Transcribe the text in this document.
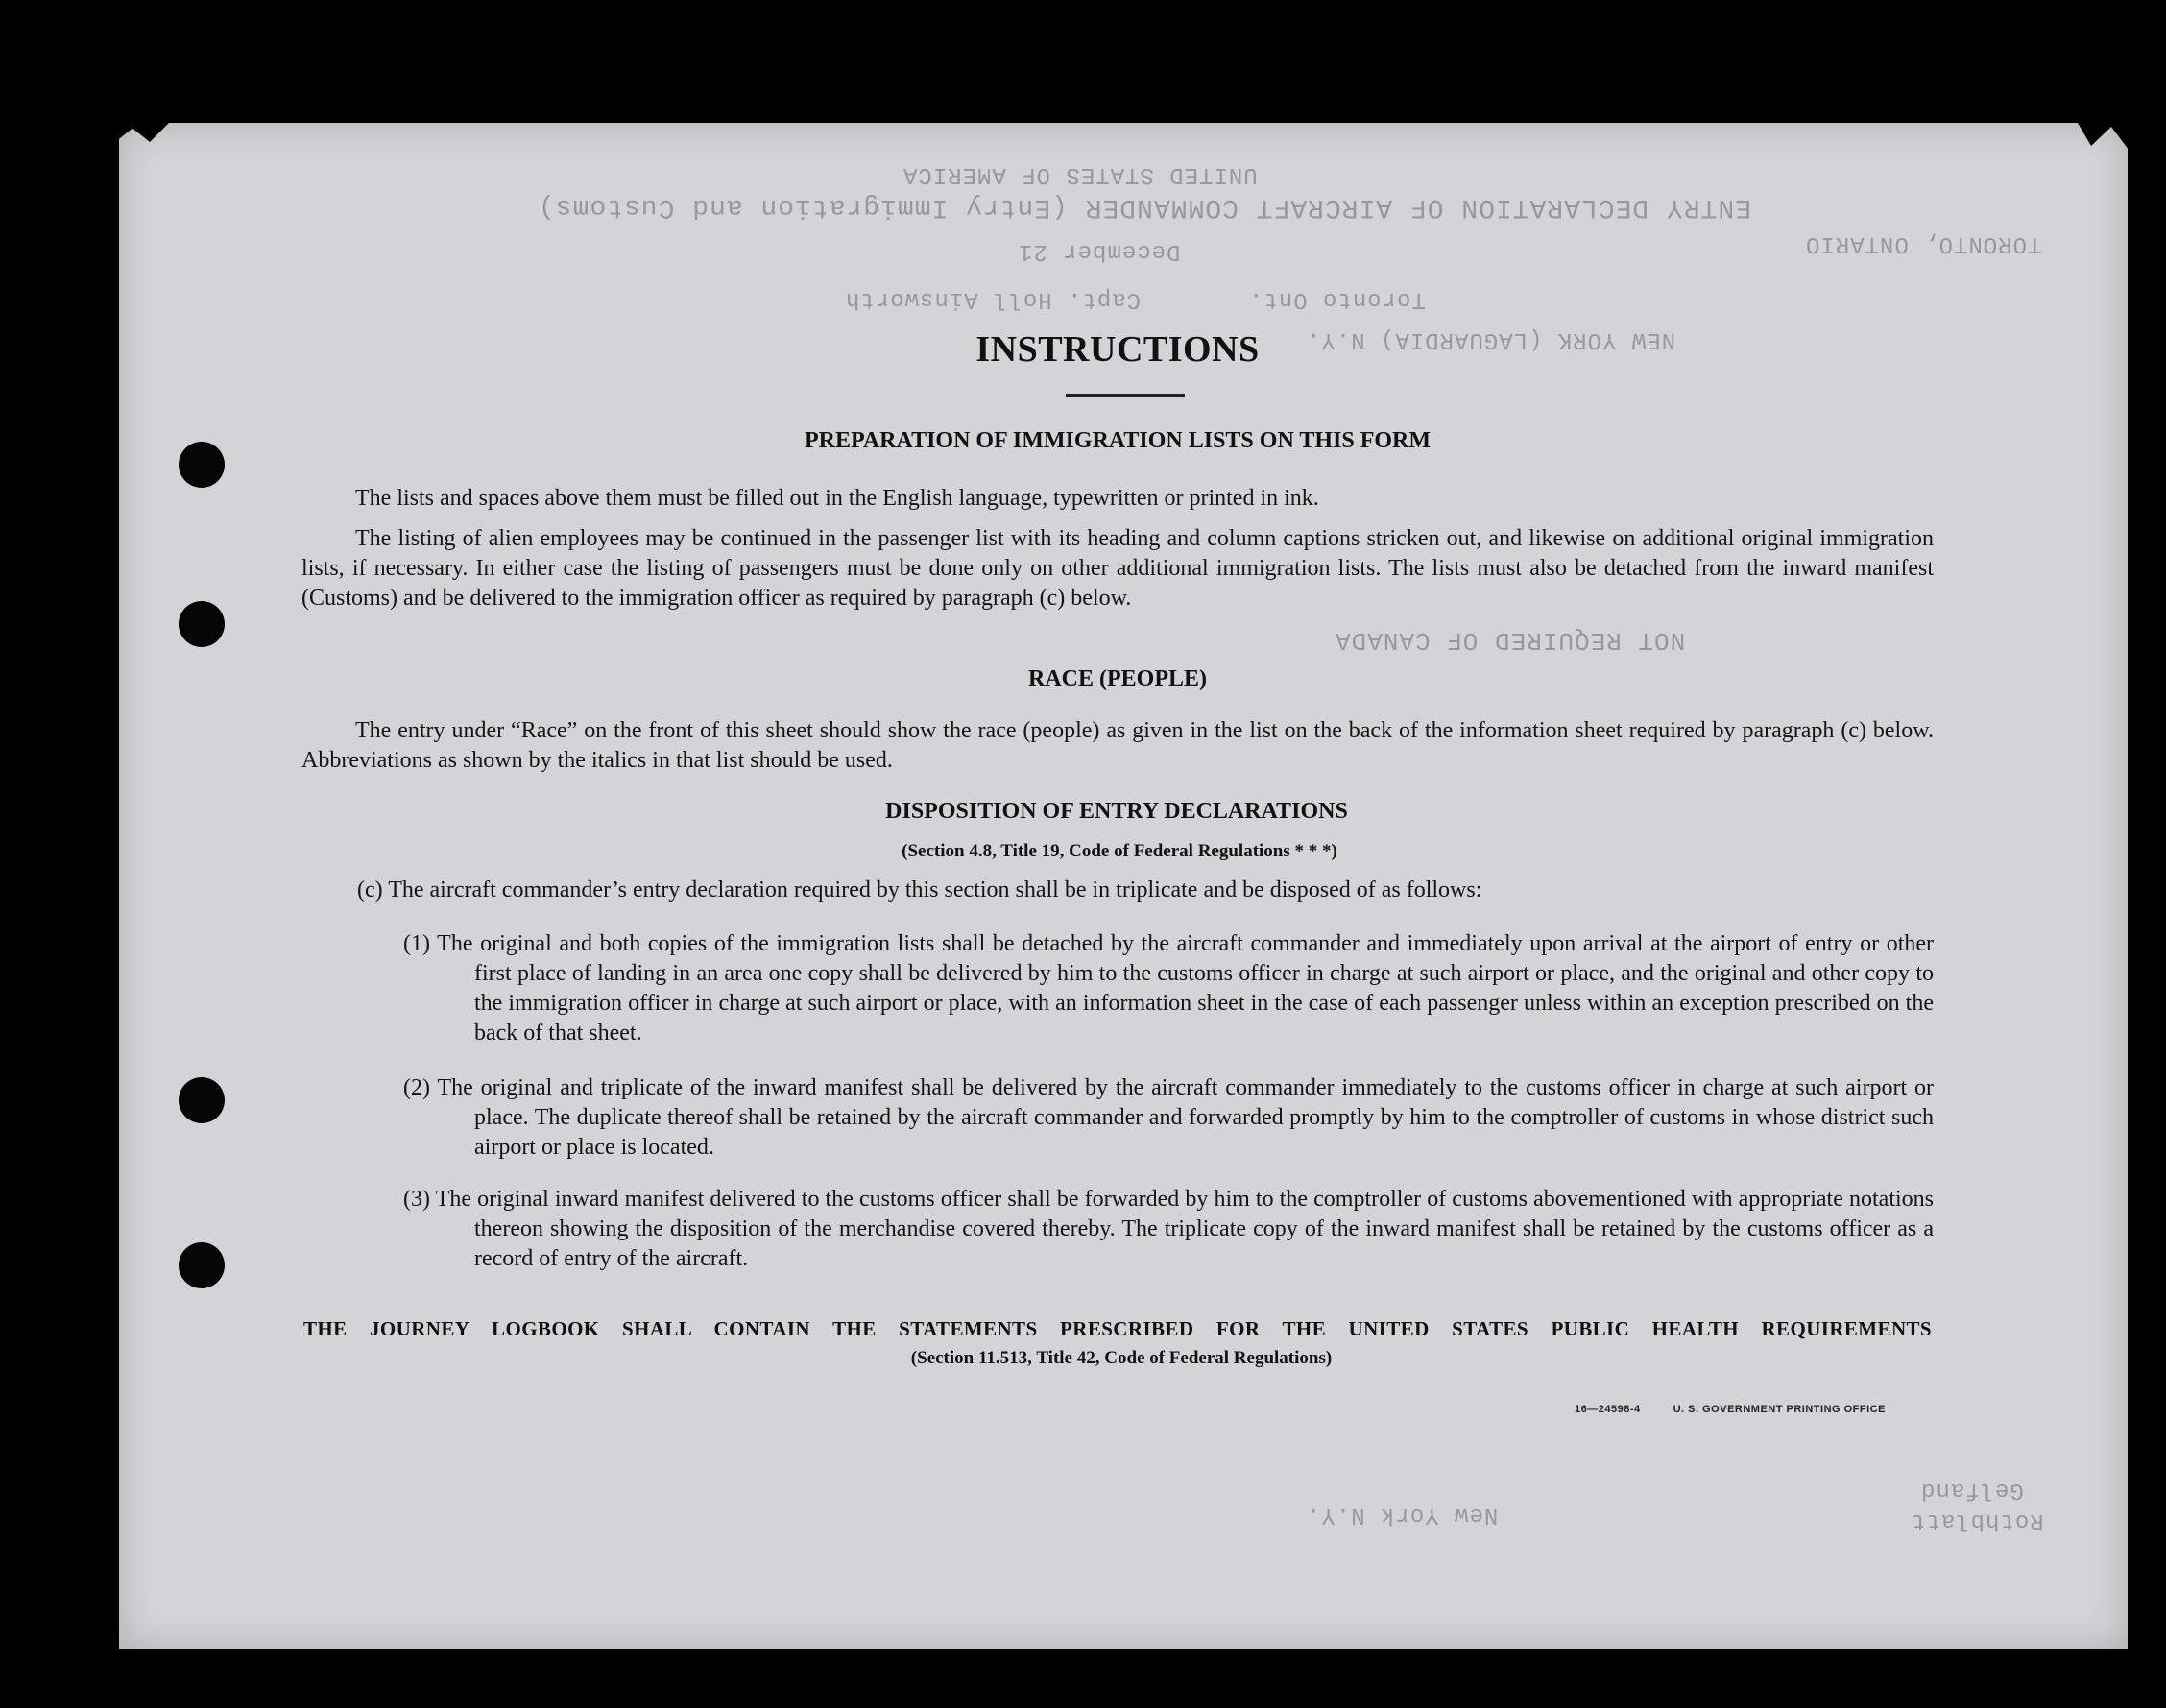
UNITED STATES OF AMERICA
ENTRY DECLARATION OF AIRCRAFT COMMANDER (Entry Immigration and Customs)
December 21
Toronto Ont.
Capt. Holl Ainsworth
NEW YORK (LAGUARDIA) N.Y.
TORONTO, ONTARIO
NOT REQUIRED OF CANADA
New York N.Y.
Gelfand
Rothblatt
INSTRUCTIONS
PREPARATION OF IMMIGRATION LISTS ON THIS FORM
The lists and spaces above them must be filled out in the English language, typewritten or printed in ink.
The listing of alien employees may be continued in the passenger list with its heading and column captions stricken out, and likewise on additional original immigration lists, if necessary. In either case the listing of passengers must be done only on other additional immigration lists. The lists must also be detached from the inward manifest (Customs) and be delivered to the immigration officer as required by paragraph (c) below.
RACE (PEOPLE)
The entry under “Race” on the front of this sheet should show the race (people) as given in the list on the back of the information sheet required by paragraph (c) below. Abbreviations as shown by the italics in that list should be used.
DISPOSITION OF ENTRY DECLARATIONS
(Section 4.8, Title 19, Code of Federal Regulations * * *)
(c) The aircraft commander’s entry declaration required by this section shall be in triplicate and be disposed of as follows:
(1) The original and both copies of the immigration lists shall be detached by the aircraft commander and immediately upon arrival at the airport of entry or other first place of landing in an area one copy shall be delivered by him to the customs officer in charge at such airport or place, and the original and other copy to the immigration officer in charge at such airport or place, with an information sheet in the case of each passenger unless within an exception prescribed on the back of that sheet.
(2) The original and triplicate of the inward manifest shall be delivered by the aircraft commander immediately to the customs officer in charge at such airport or place. The duplicate thereof shall be retained by the aircraft commander and forwarded promptly by him to the comptroller of customs in whose district such airport or place is located.
(3) The original inward manifest delivered to the customs officer shall be forwarded by him to the comptroller of customs abovementioned with appropriate notations thereon showing the disposition of the merchandise covered thereby. The triplicate copy of the inward manifest shall be retained by the customs officer as a record of entry of the aircraft.
THE JOURNEY LOGBOOK SHALL CONTAIN THE STATEMENTS PRESCRIBED FOR THE UNITED STATES PUBLIC HEALTH REQUIREMENTS
(Section 11.513, Title 42, Code of Federal Regulations)
16—24598-4	U. S. GOVERNMENT PRINTING OFFICE
